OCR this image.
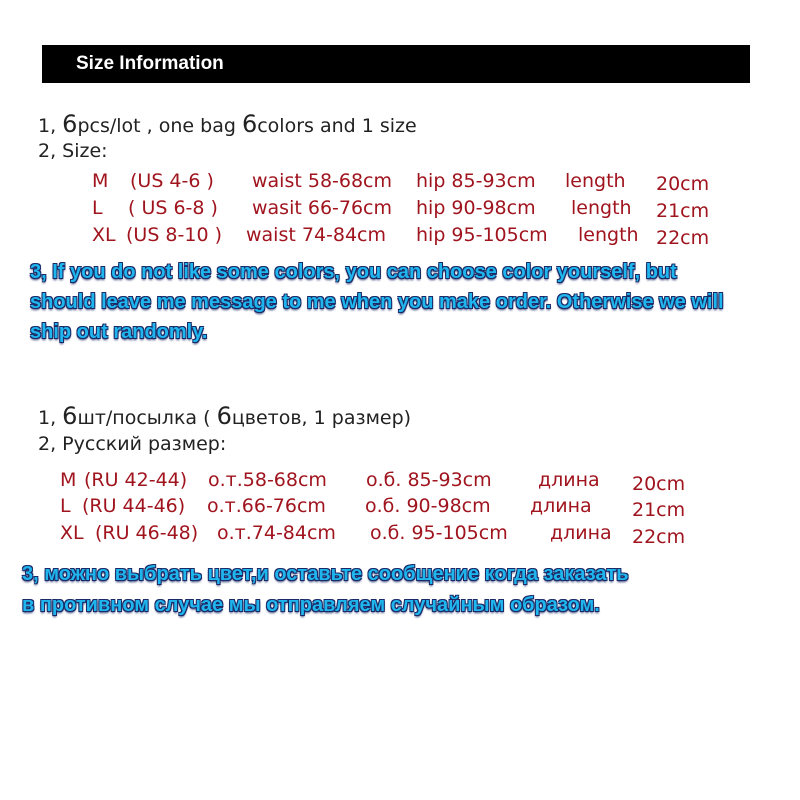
Size Information
1, 6pcs/lot , one bag 6colors and 1 size
2, Size:
M (US 4-6 ) waist 58-68cm hip 85-93cm length 20cm
L ( US 6-8 ) wasit 66-76cm hip 90-98cm length 21cm
XL (US 8-10 ) waist 74-84cm hip 95-105cm length 22cm
3, If you do not like some colors, you can choose color yourself, but
should leave me message to me when you make order. Otherwise we will
ship out randomly.
1, 6шт/посылка ( 6цветов, 1 размер)
2, Русский размер:
M (RU 42-44) о.т.58-68cm о.б. 85-93cm длина 20cm
L (RU 44-46) о.т.66-76cm о.б. 90-98cm длина 21cm
XL (RU 46-48) о.т.74-84cm о.б. 95-105cm длина 22cm
3, можно выбрать цвет,и оставьте сообщение когда заказать
в противном случае мы отправляем случайным образом.
